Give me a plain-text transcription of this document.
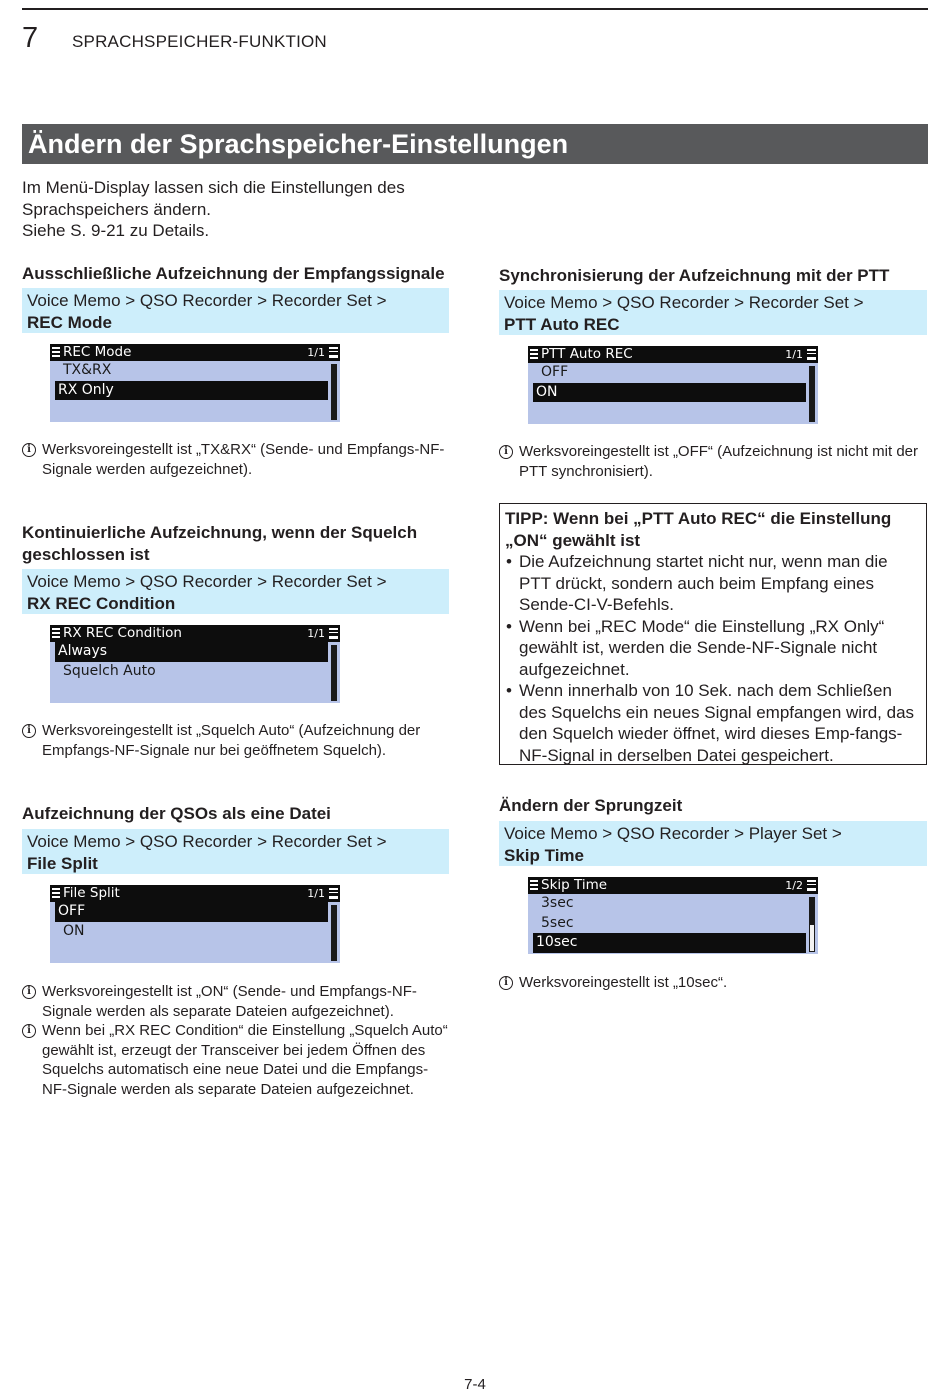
7 SPRACHSPEICHER-FUNKTION
Ändern der Sprachspeicher-Einstellungen
Im Menü-Display lassen sich die Einstellungen des
Sprachspeichers ändern.
Siehe S. 9-21 zu Details.
Ausschließliche Aufzeichnung der Empfangssignale
Voice Memo > QSO Recorder > Recorder Set >
REC Mode
REC Mode	1/1
TX&RX
RX Only
i Werksvoreingestellt ist „TX&RX“ (Sende- und Empfangs-NF-Signale werden aufgezeichnet).
Kontinuierliche Aufzeichnung, wenn der Squelch
geschlossen ist
Voice Memo > QSO Recorder > Recorder Set >
RX REC Condition
RX REC Condition	1/1
Always
Squelch Auto
i Werksvoreingestellt ist „Squelch Auto“ (Aufzeichnung der Empfangs-NF-Signale nur bei geöffnetem Squelch).
Aufzeichnung der QSOs als eine Datei
Voice Memo > QSO Recorder > Recorder Set >
File Split
File Split	1/1
OFF
ON
i Werksvoreingestellt ist „ON“ (Sende- und Empfangs-NF-Signale werden als separate Dateien aufgezeichnet).
i Wenn bei „RX REC Condition“ die Einstellung „Squelch Auto“ gewählt ist, erzeugt der Transceiver bei jedem Öffnen des Squelchs automatisch eine neue Datei und die Empfangs-NF-Signale werden als separate Dateien aufgezeichnet.
Synchronisierung der Aufzeichnung mit der PTT
Voice Memo > QSO Recorder > Recorder Set >
PTT Auto REC
PTT Auto REC	1/1
OFF
ON
i Werksvoreingestellt ist „OFF“ (Aufzeichnung ist nicht mit der PTT synchronisiert).
TIPP: Wenn bei „PTT Auto REC“ die Einstellung
„ON“ gewählt ist
• Die Aufzeichnung startet nicht nur, wenn man die PTT drückt, sondern auch beim Empfang eines Sende-CI-V-Befehls.
• Wenn bei „REC Mode“ die Einstellung „RX Only“ gewählt ist, werden die Sende-NF-Signale nicht aufgezeichnet.
• Wenn innerhalb von 10 Sek. nach dem Schließen des Squelchs ein neues Signal empfangen wird, das den Squelch wieder öffnet, wird dieses Emp-fangs-NF-Signal in derselben Datei gespeichert.
Ändern der Sprungzeit
Voice Memo > QSO Recorder > Player Set >
Skip Time
Skip Time	1/2
3sec
5sec
10sec
i Werksvoreingestellt ist „10sec“.
7-4
